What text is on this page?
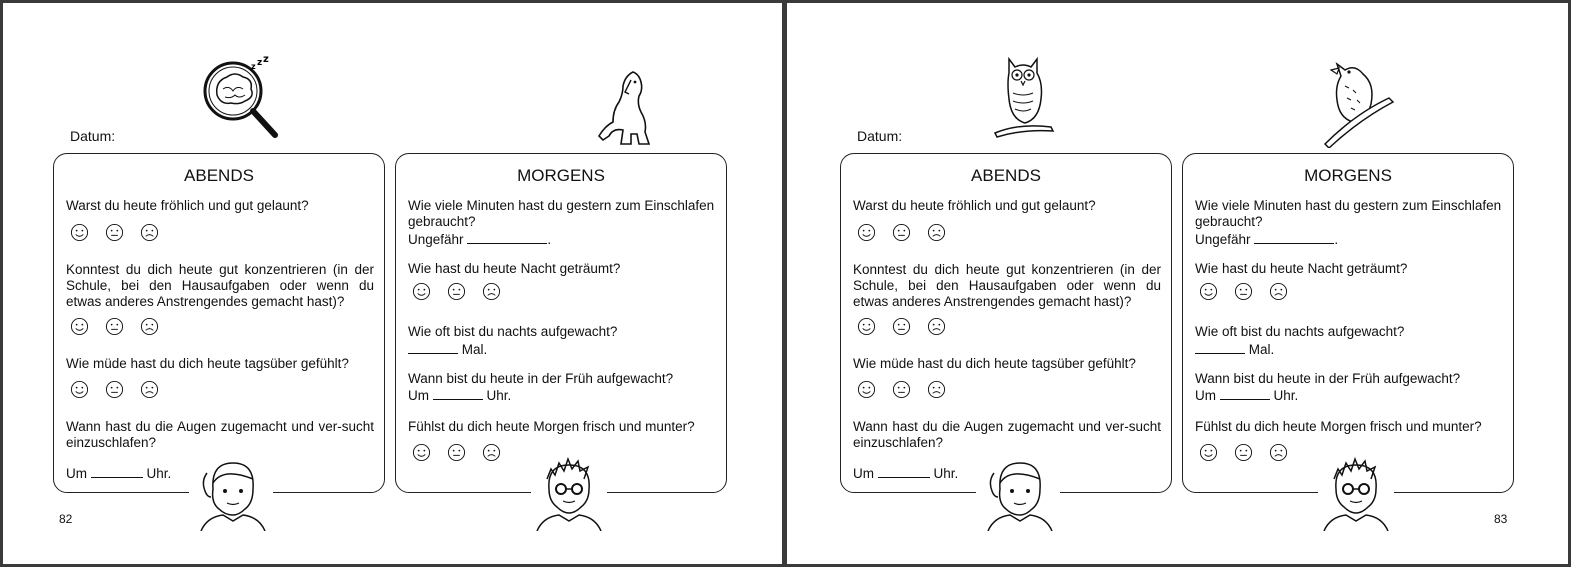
z z z
Datum:
ABENDS
Warst du heute fröhlich und gut gelaunt?
Konntest du dich heute gut konzentrieren (in der Schule, bei den Hausaufgaben oder wenn du etwas anderes Anstrengendes gemacht hast)?
Wie müde hast du dich heute tagsüber gefühlt?
Wann hast du die Augen zugemacht und ver-sucht einzuschlafen?
Um	Uhr.
MORGENS
Wie viele Minuten hast du gestern zum Einschlafen gebraucht?
Ungefähr	.
Wie hast du heute Nacht geträumt?
Wie oft bist du nachts aufgewacht?
Mal.
Wann bist du heute in der Früh aufgewacht?
Um	Uhr.
Fühlst du dich heute Morgen frisch und munter?
82
Datum:
ABENDS
Warst du heute fröhlich und gut gelaunt?
Konntest du dich heute gut konzentrieren (in der Schule, bei den Hausaufgaben oder wenn du etwas anderes Anstrengendes gemacht hast)?
Wie müde hast du dich heute tagsüber gefühlt?
Wann hast du die Augen zugemacht und ver-sucht einzuschlafen?
Um	Uhr.
MORGENS
Wie viele Minuten hast du gestern zum Einschlafen gebraucht?
Ungefähr	.
Wie hast du heute Nacht geträumt?
Wie oft bist du nachts aufgewacht?
Mal.
Wann bist du heute in der Früh aufgewacht?
Um	Uhr.
Fühlst du dich heute Morgen frisch und munter?
83
